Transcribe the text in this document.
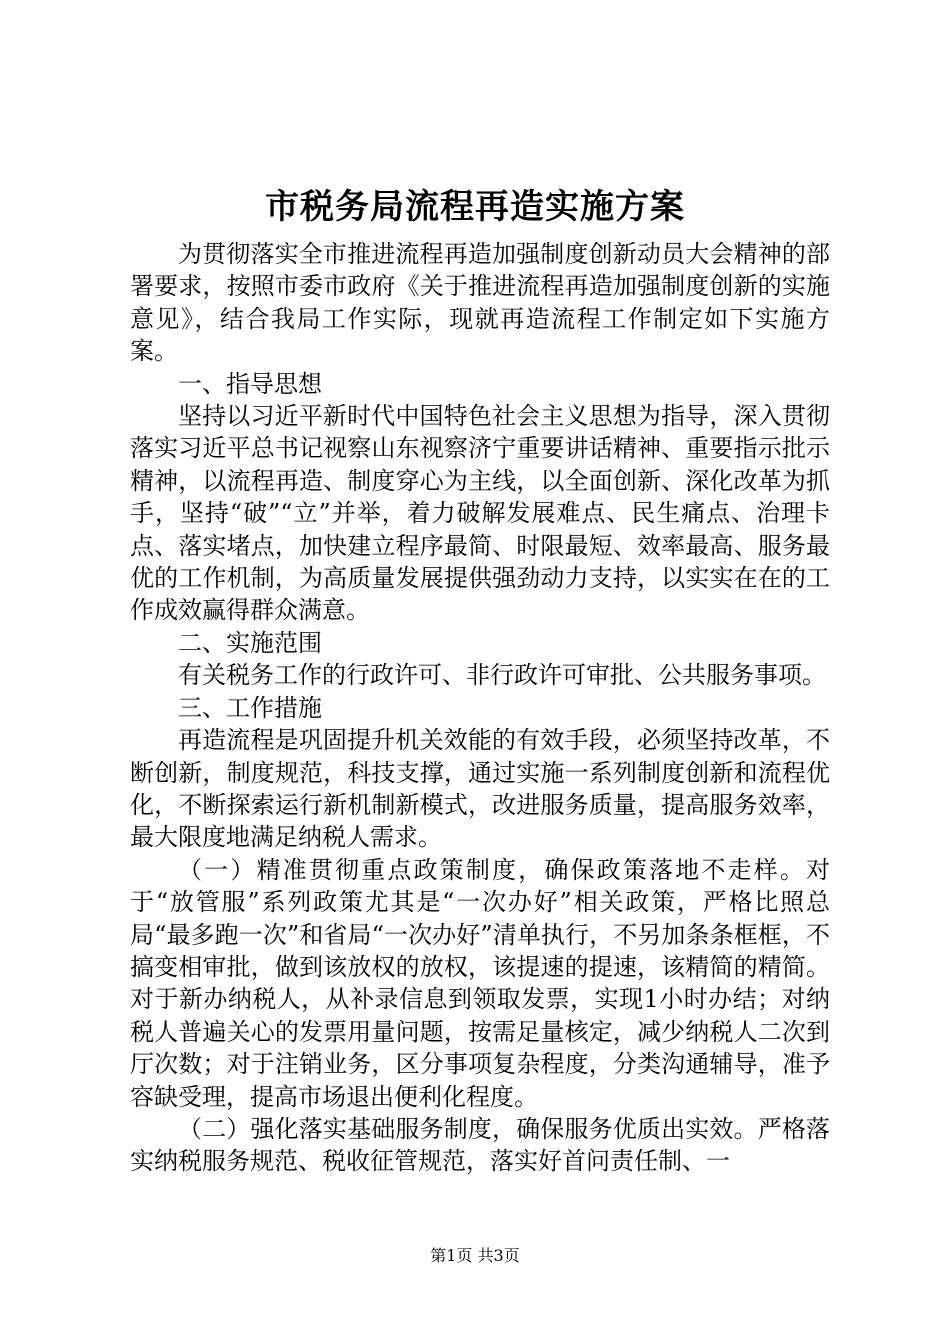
市税务局流程再造实施方案

为贯彻落实全市推进流程再造加强制度创新动员大会精神的部署要求，按照市委市政府《关于推进流程再造加强制度创新的实施意见》，结合我局工作实际，现就再造流程工作制定如下实施方案。

一、指导思想

坚持以习近平新时代中国特色社会主义思想为指导，深入贯彻落实习近平总书记视察山东视察济宁重要讲话精神、重要指示批示精神，以流程再造、制度穿心为主线，以全面创新、深化改革为抓手，坚持“破”“立”并举，着力破解发展难点、民生痛点、治理卡点、落实堵点，加快建立程序最简、时限最短、效率最高、服务最优的工作机制，为高质量发展提供强劲动力支持，以实实在在的工作成效赢得群众满意。

二、实施范围

有关税务工作的行政许可、非行政许可审批、公共服务事项。

三、工作措施

再造流程是巩固提升机关效能的有效手段，必须坚持改革，不断创新，制度规范，科技支撑，通过实施一系列制度创新和流程优化，不断探索运行新机制新模式，改进服务质量，提高服务效率，最大限度地满足纳税人需求。

（一）精准贯彻重点政策制度，确保政策落地不走样。对于“放管服”系列政策尤其是“一次办好”相关政策，严格比照总局“最多跑一次”和省局“一次办好”清单执行，不另加条条框框，不搞变相审批，做到该放权的放权，该提速的提速，该精简的精简。对于新办纳税人，从补录信息到领取发票，实现1小时办结；对纳税人普遍关心的发票用量问题，按需足量核定，减少纳税人二次到厅次数；对于注销业务，区分事项复杂程度，分类沟通辅导，准予容缺受理，提高市场退出便利化程度。

（二）强化落实基础服务制度，确保服务优质出实效。严格落实纳税服务规范、税收征管规范，落实好首问责任制、一

第1页 共3页
